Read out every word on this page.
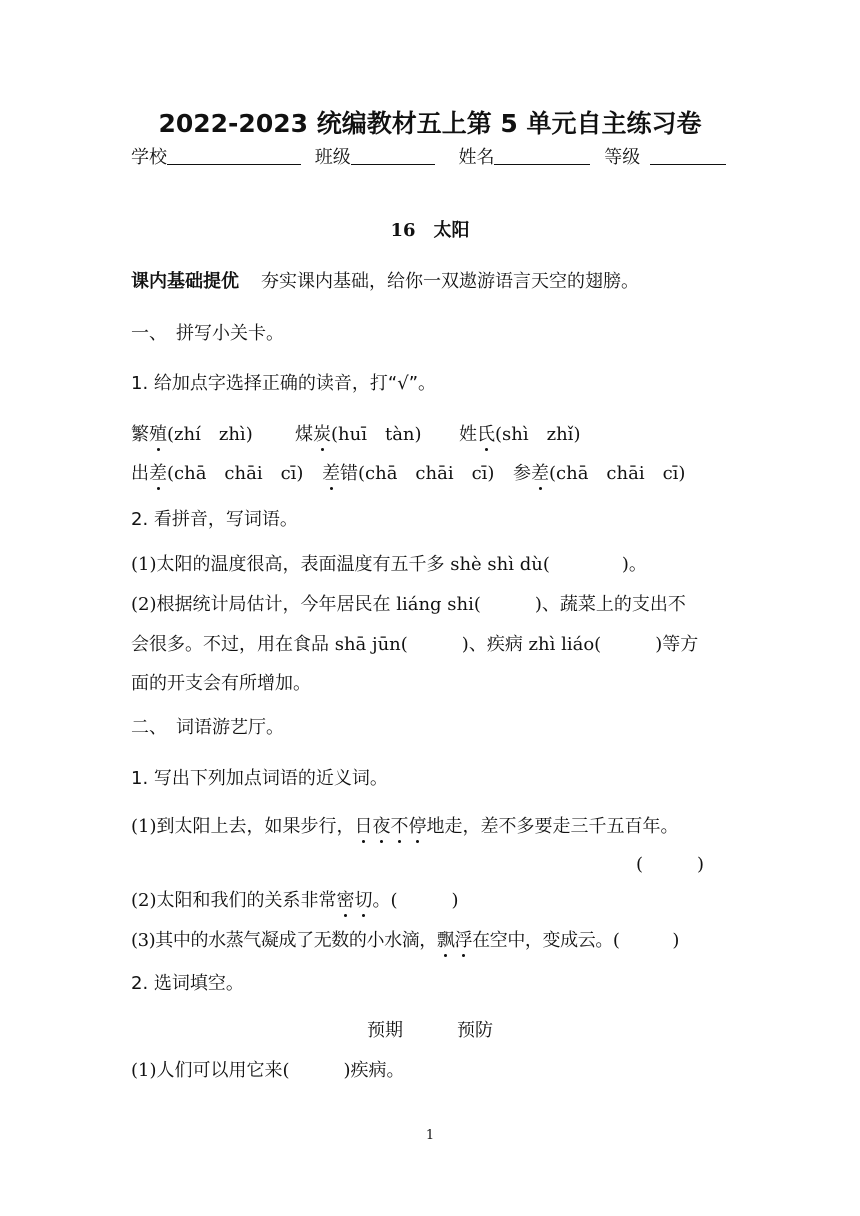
2022-2023 统编教材五上第 5 单元自主练习卷
学校	班级	姓名	等级
16　太阳
课内基础提优 夯实课内基础，给你一双遨游语言天空的翅膀。
一、　拼写小关卡。
1. 给加点字选择正确的读音，打“√”。
繁殖(zhí　zhì) 煤炭(huī　tàn) 姓氏(shì　zhǐ)
出差(chā　chāi　cī) 差错(chā　chāi　cī) 参差(chā　chāi　cī)
2. 看拼音，写词语。
(1)太阳的温度很高，表面温度有五千多 shè shì dù(　　　　)。
(2)根据统计局估计，今年居民在 liáng shi(　　　)、蔬菜上的支出不
会很多。不过，用在食品 shā jūn(　　　)、疾病 zhì liáo(　　　)等方
面的开支会有所增加。
二、　词语游艺厅。
1. 写出下列加点词语的近义词。
(1)到太阳上去，如果步行，日夜不停地走，差不多要走三千五百年。
(　　　)
(2)太阳和我们的关系非常密切。(　　　)
(3)其中的水蒸气凝成了无数的小水滴，飘浮在空中，变成云。(　　　)
2. 选词填空。
预期　　　预防
(1)人们可以用它来(　　　)疾病。
1
